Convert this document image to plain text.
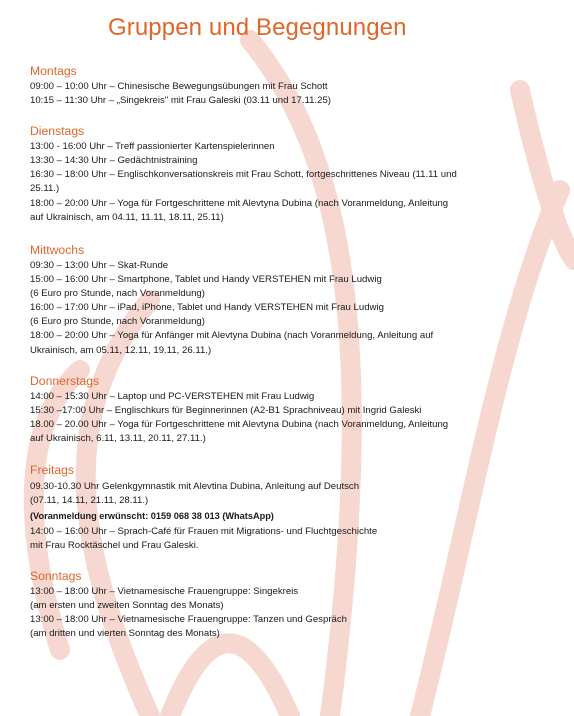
Gruppen und Begegnungen
Montags
09:00 – 10:00 Uhr – Chinesische Bewegungsübungen mit Frau Schott
10:15 – 11:30 Uhr – „Singekreis" mit Frau Galeski (03.11 und 17.11.25)
Dienstags
13:00 - 16:00 Uhr – Treff passionierter Kartenspielerinnen
13:30 – 14:30 Uhr – Gedächtnistraining
16:30 – 18:00 Uhr – Englischkonversationskreis mit Frau Schott, fortgeschrittenes Niveau (11.11 und
25.11.)
18:00 – 20:00 Uhr – Yoga für Fortgeschrittene mit Alevtyna Dubina (nach Voranmeldung, Anleitung
auf Ukrainisch, am 04.11, 11.11, 18.11, 25.11)
Mittwochs
09:30 – 13:00 Uhr – Skat-Runde
15:00 – 16:00 Uhr – Smartphone, Tablet und Handy VERSTEHEN mit Frau Ludwig
(6 Euro pro Stunde, nach Voranmeldung)
16:00 – 17:00 Uhr – iPad, iPhone, Tablet und Handy VERSTEHEN mit Frau Ludwig
(6 Euro pro Stunde, nach Voranmeldung)
18:00 – 20:00 Uhr – Yoga für Anfänger mit Alevtyna Dubina (nach Voranmeldung, Anleitung auf
Ukrainisch, am 05.11, 12.11, 19.11, 26.11.)
Donnerstags
14:00 – 15:30 Uhr – Laptop und PC-VERSTEHEN mit Frau Ludwig
15:30 –17:00 Uhr – Englischkurs für Beginnerinnen (A2-B1 Sprachniveau) mit Ingrid Galeski
18.00 – 20.00 Uhr – Yoga für Fortgeschrittene mit Alevtyna Dubina (nach Voranmeldung, Anleitung
auf Ukrainisch, 6.11, 13.11, 20.11, 27.11.)
Freitags
09.30-10.30 Uhr Gelenkgymnastik mit Alevtina Dubina, Anleitung auf Deutsch
(07.11, 14.11, 21.11, 28.11.)
(Voranmeldung erwünscht: 0159 068 38 013 (WhatsApp)
14:00 – 16:00 Uhr – Sprach-Café für Frauen mit Migrations- und Fluchtgeschichte
mit Frau Rocktäschel und Frau Galeski.
Sonntags
13:00 – 18:00 Uhr – Vietnamesische Frauengruppe: Singekreis
(am ersten und zweiten Sonntag des Monats)
13:00 – 18:00 Uhr – Vietnamesische Frauengruppe: Tanzen und Gespräch
(am dritten und vierten Sonntag des Monats)
